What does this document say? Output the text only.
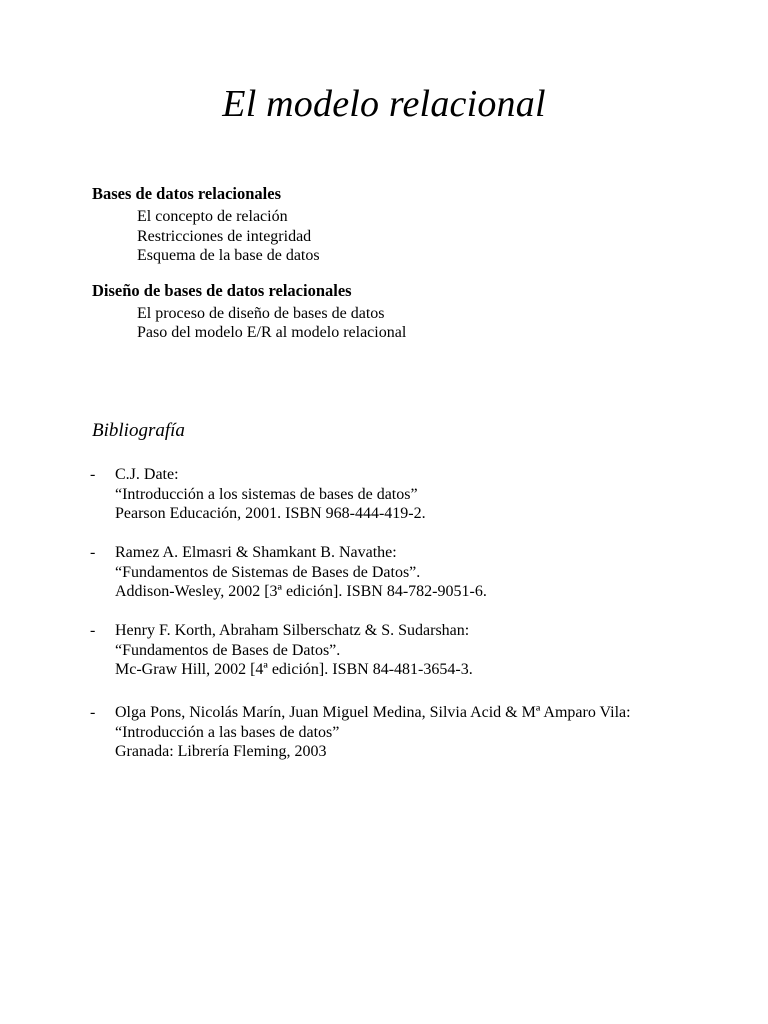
El modelo relacional
Bases de datos relacionales
El concepto de relación
Restricciones de integridad
Esquema de la base de datos
Diseño de bases de datos relacionales
El proceso de diseño de bases de datos
Paso del modelo E/R al modelo relacional
Bibliografía
- C.J. Date:
“Introducción a los sistemas de bases de datos”
Pearson Educación, 2001. ISBN 968-444-419-2.
- Ramez A. Elmasri & Shamkant B. Navathe:
“Fundamentos de Sistemas de Bases de Datos”.
Addison-Wesley, 2002 [3ª edición]. ISBN 84-782-9051-6.
- Henry F. Korth, Abraham Silberschatz & S. Sudarshan:
“Fundamentos de Bases de Datos”.
Mc-Graw Hill, 2002 [4ª edición]. ISBN 84-481-3654-3.
- Olga Pons, Nicolás Marín, Juan Miguel Medina, Silvia Acid & Mª Amparo Vila:
“Introducción a las bases de datos”
Granada: Librería Fleming, 2003
